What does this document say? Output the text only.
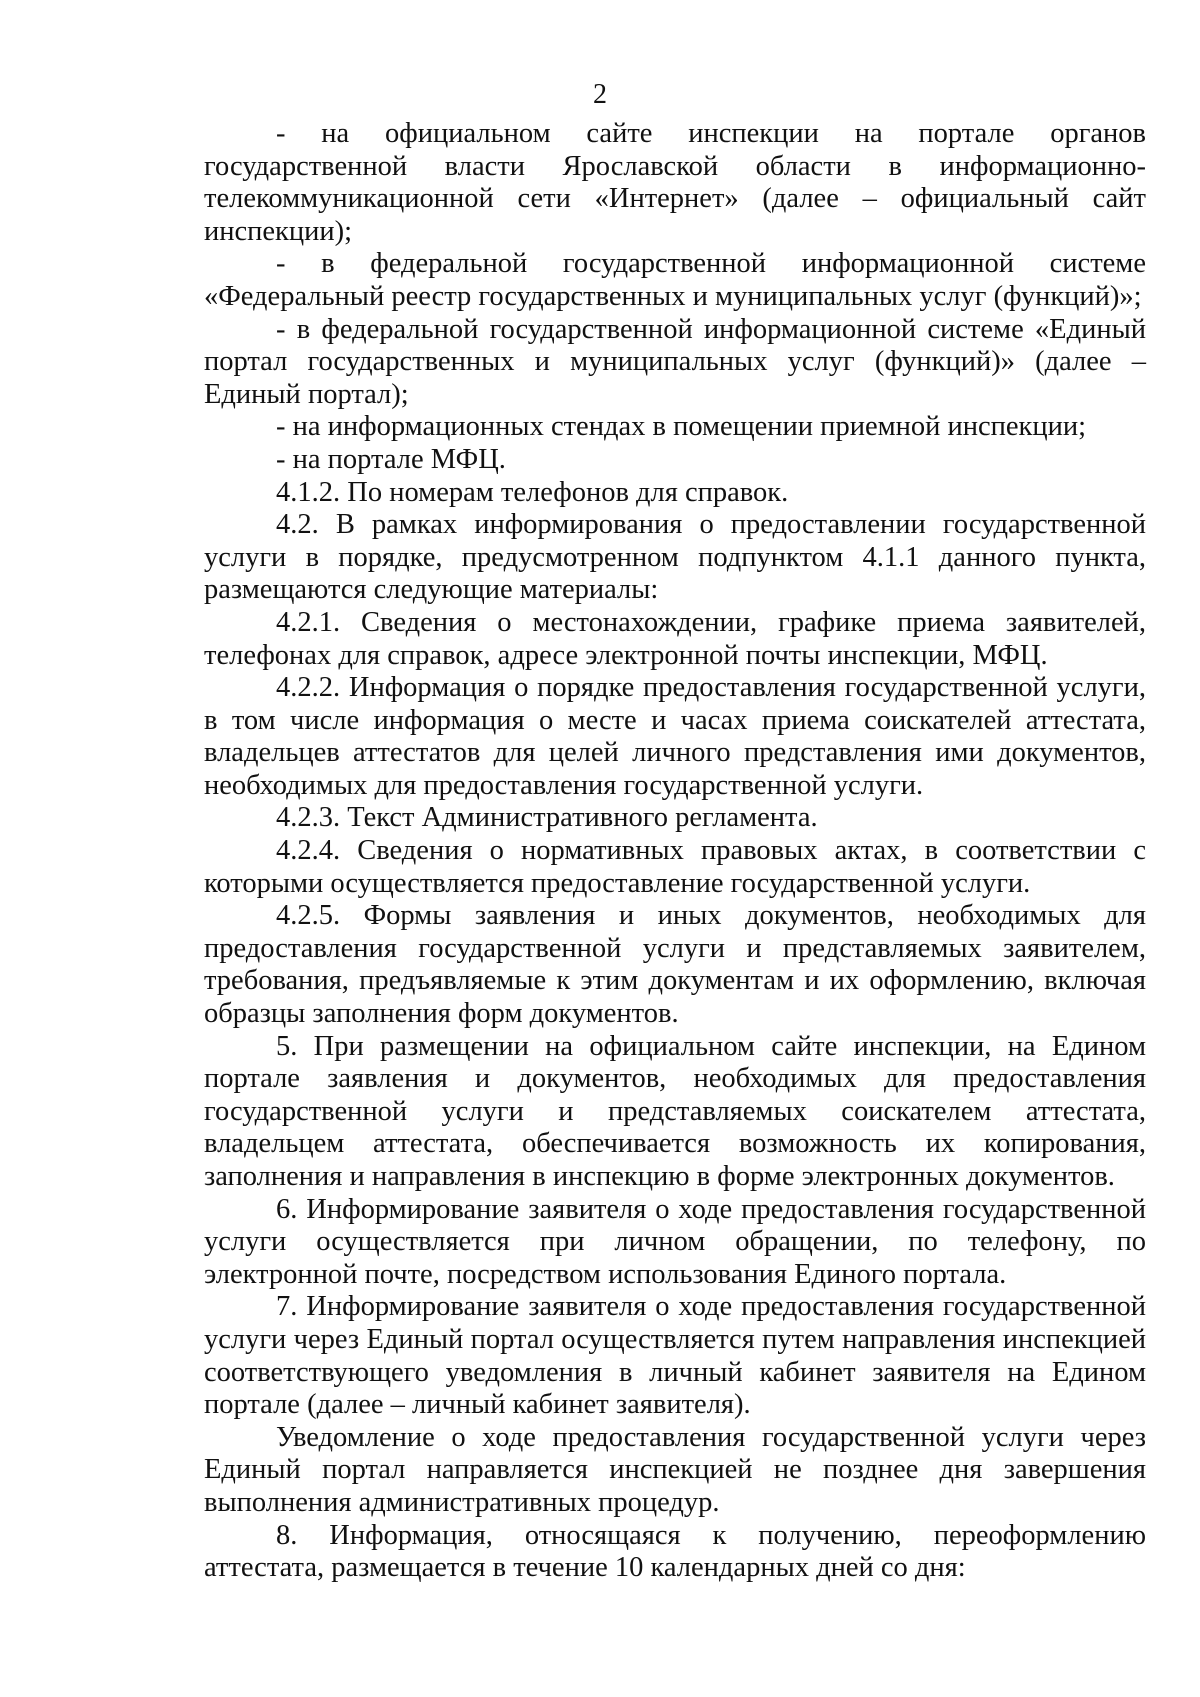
2

- на официальном сайте инспекции на портале органов государственной власти Ярославской области в информационно-телекоммуникационной сети «Интернет» (далее – официальный сайт инспекции);

- в федеральной государственной информационной системе «Федеральный реестр государственных и муниципальных услуг (функций)»;

- в федеральной государственной информационной системе «Единый портал государственных и муниципальных услуг (функций)» (далее – Единый портал);

- на информационных стендах в помещении приемной инспекции;

- на портале МФЦ.

4.1.2. По номерам телефонов для справок.

4.2. В рамках информирования о предоставлении государственной услуги в порядке, предусмотренном подпунктом 4.1.1 данного пункта, размещаются следующие материалы:

4.2.1. Сведения о местонахождении, графике приема заявителей, телефонах для справок, адресе электронной почты инспекции, МФЦ.

4.2.2. Информация о порядке предоставления государственной услуги, в том числе информация о месте и часах приема соискателей аттестата, владельцев аттестатов для целей личного представления ими документов, необходимых для предоставления государственной услуги.

4.2.3. Текст Административного регламента.

4.2.4. Сведения о нормативных правовых актах, в соответствии с которыми осуществляется предоставление государственной услуги.

4.2.5. Формы заявления и иных документов, необходимых для предоставления государственной услуги и представляемых заявителем, требования, предъявляемые к этим документам и их оформлению, включая образцы заполнения форм документов.

5. При размещении на официальном сайте инспекции, на Едином портале заявления и документов, необходимых для предоставления государственной услуги и представляемых соискателем аттестата, владельцем аттестата, обеспечивается возможность их копирования, заполнения и направления в инспекцию в форме электронных документов.

6. Информирование заявителя о ходе предоставления государственной услуги осуществляется при личном обращении, по телефону, по электронной почте, посредством использования Единого портала.

7. Информирование заявителя о ходе предоставления государственной услуги через Единый портал осуществляется путем направления инспекцией соответствующего уведомления в личный кабинет заявителя на Едином портале (далее – личный кабинет заявителя).

Уведомление о ходе предоставления государственной услуги через Единый портал направляется инспекцией не позднее дня завершения выполнения административных процедур.

8. Информация, относящаяся к получению, переоформлению аттестата, размещается в течение 10 календарных дней со дня:
